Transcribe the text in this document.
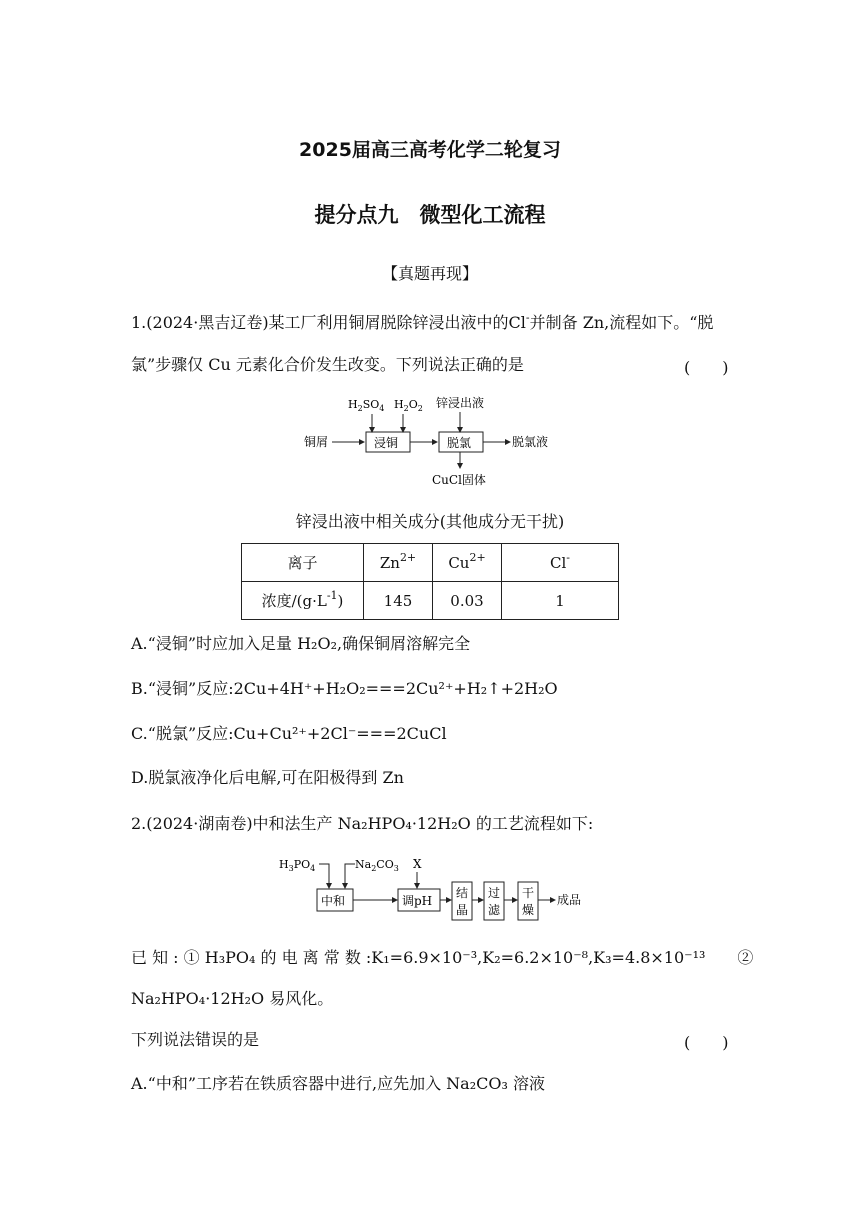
2025届高三高考化学二轮复习
提分点九　微型化工流程
【真题再现】
1.(2024·黑吉辽卷)某工厂利用铜屑脱除锌浸出液中的Cl-并制备 Zn,流程如下。“脱
氯”步骤仅 Cu 元素化合价发生改变。下列说法正确的是	(　　)
铜屑
$H_2SO_4$ $H_2O_2$
浸铜
锌浸出液
脱氯	脱氯液
CuCl固体
锌浸出液中相关成分(其他成分无干扰)
离子	$Zn^{2+}$	$Cu^{2+}$	Cl-
浓度$/(g\cdot L^{-1})$	145	0.03	1
A.“浸铜”时应加入足量 H₂O₂,确保铜屑溶解完全
B.“浸铜”反应:2Cu+4H⁺+H₂O₂===2Cu²⁺+H₂↑+2H₂O
C.“脱氯”反应:Cu+Cu²⁺+2Cl⁻===2CuCl
D.脱氯液净化后电解,可在阳极得到 Zn
2.(2024·湖南卷)中和法生产 Na₂HPO₄·12H₂O 的工艺流程如下:
$H_3PO_4$	$Na_2CO_3$
中和
X
调pH
结
晶
过
滤
干
燥
成品
已 知 : ① H₃PO₄ 的 电 离 常 数 :K₁=6.9×10⁻³,K₂=6.2×10⁻⁸,K₃=4.8×10⁻¹³　　②
Na₂HPO₄·12H₂O 易风化。
下列说法错误的是	(　　)
A.“中和”工序若在铁质容器中进行,应先加入 Na₂CO₃ 溶液
